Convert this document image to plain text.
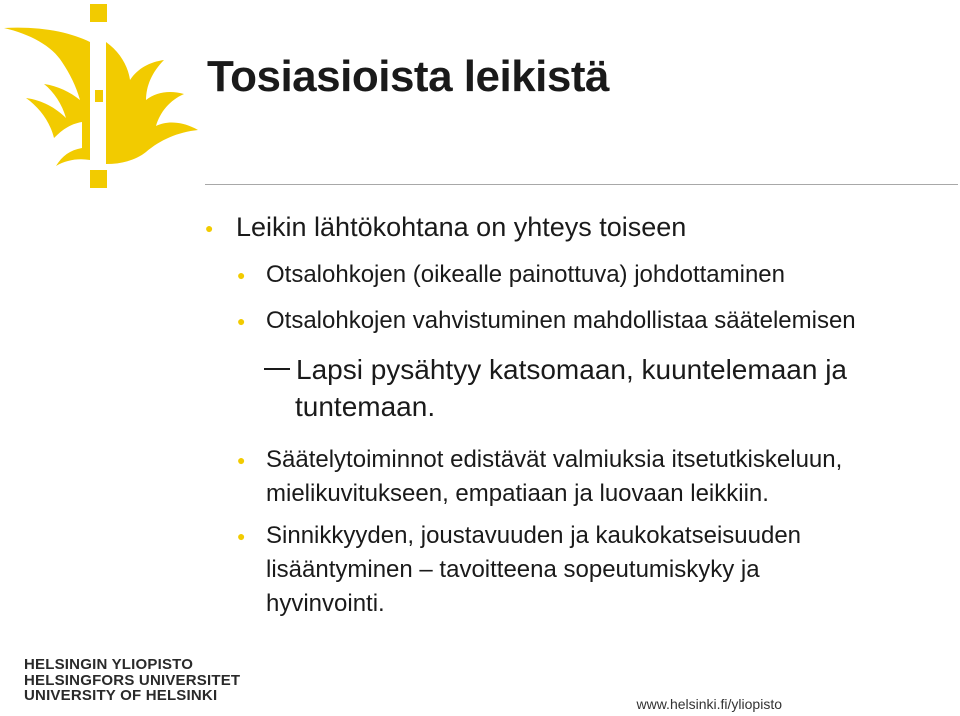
Tosiasioista leikistä

● Leikin lähtökohtana on yhteys toiseen

● Otsalohkojen (oikealle painottuva) johdottaminen

● Otsalohkojen vahvistuminen mahdollistaa säätelemisen

Lapsi pysähtyy katsomaan, kuuntelemaan ja
tuntemaan.

● Säätelytoiminnot edistävät valmiuksia itsetutkiskeluun,
mielikuvitukseen, empatiaan ja luovaan leikkiin.

● Sinnikkyyden, joustavuuden ja kaukokatseisuuden
lisääntyminen – tavoitteena sopeutumiskyky ja
hyvinvointi.

HELSINGIN YLIOPISTO
HELSINGFORS UNIVERSITET
UNIVERSITY OF HELSINKI	www.helsinki.fi/yliopisto
